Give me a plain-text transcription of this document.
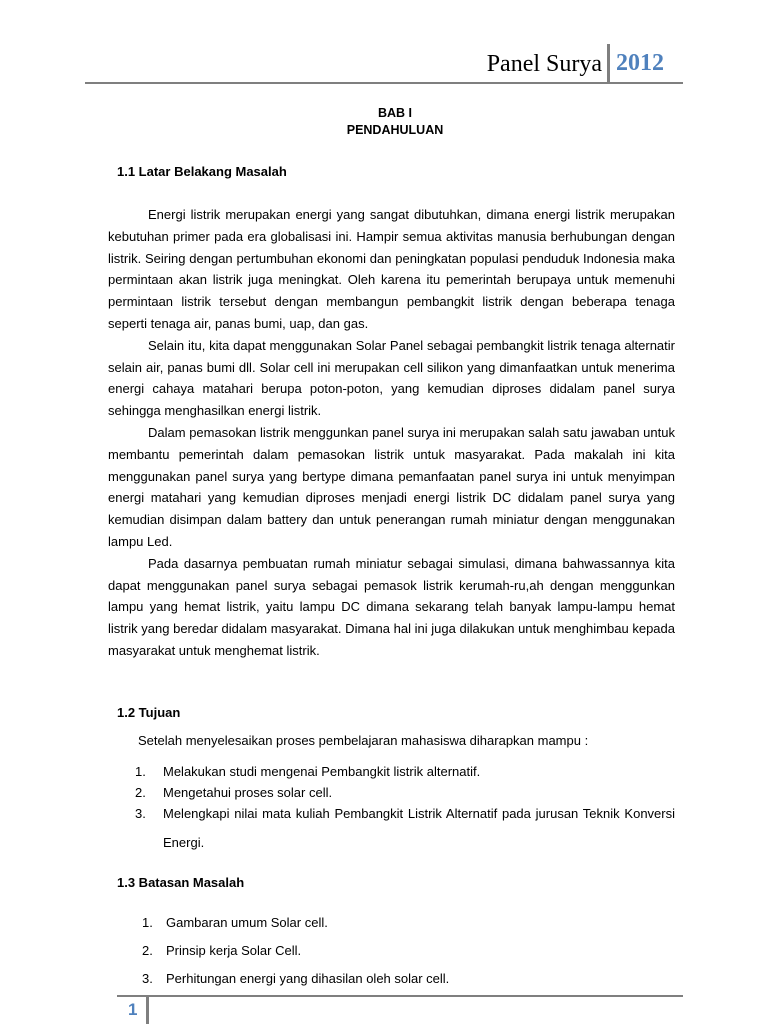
Panel Surya 2012
BAB I
PENDAHULUAN
1.1 Latar Belakang Masalah

Energi listrik merupakan energi yang sangat dibutuhkan, dimana energi listrik merupakan kebutuhan primer pada era globalisasi ini. Hampir semua aktivitas manusia berhubungan dengan listrik. Seiring dengan pertumbuhan ekonomi dan peningkatan populasi penduduk Indonesia maka permintaan akan listrik juga meningkat. Oleh karena itu pemerintah berupaya untuk memenuhi permintaan listrik tersebut dengan membangun pembangkit listrik dengan beberapa tenaga seperti tenaga air, panas bumi, uap, dan gas.

Selain itu, kita dapat menggunakan Solar Panel sebagai pembangkit listrik tenaga alternatir selain air, panas bumi dll. Solar cell ini merupakan cell silikon yang dimanfaatkan untuk menerima energi cahaya matahari berupa poton-poton, yang kemudian diproses didalam panel surya sehingga menghasilkan energi listrik.

Dalam pemasokan listrik menggunkan panel surya ini merupakan salah satu jawaban untuk membantu pemerintah dalam pemasokan listrik untuk masyarakat. Pada makalah ini kita menggunakan panel surya yang bertype dimana pemanfaatan panel surya ini untuk menyimpan energi matahari yang kemudian diproses menjadi energi listrik DC didalam panel surya yang kemudian disimpan dalam battery dan untuk penerangan rumah miniatur dengan menggunakan lampu Led.

Pada dasarnya pembuatan rumah miniatur sebagai simulasi, dimana bahwassannya kita dapat menggunakan panel surya sebagai pemasok listrik kerumah-ru,ah dengan menggunkan lampu yang hemat listrik, yaitu lampu DC dimana sekarang telah banyak lampu-lampu hemat listrik yang beredar didalam masyarakat. Dimana hal ini juga dilakukan untuk menghimbau kepada masyarakat untuk menghemat listrik.

1.2 Tujuan
Setelah menyelesaikan proses pembelajaran mahasiswa diharapkan mampu :
1. Melakukan studi mengenai Pembangkit listrik alternatif.
2. Mengetahui proses solar cell.
3. Melengkapi nilai mata kuliah Pembangkit Listrik Alternatif pada jurusan Teknik Konversi Energi.
1.3 Batasan Masalah
1. Gambaran umum Solar cell.
2. Prinsip kerja Solar Cell.
3. Perhitungan energi yang dihasilan oleh solar cell.
1
